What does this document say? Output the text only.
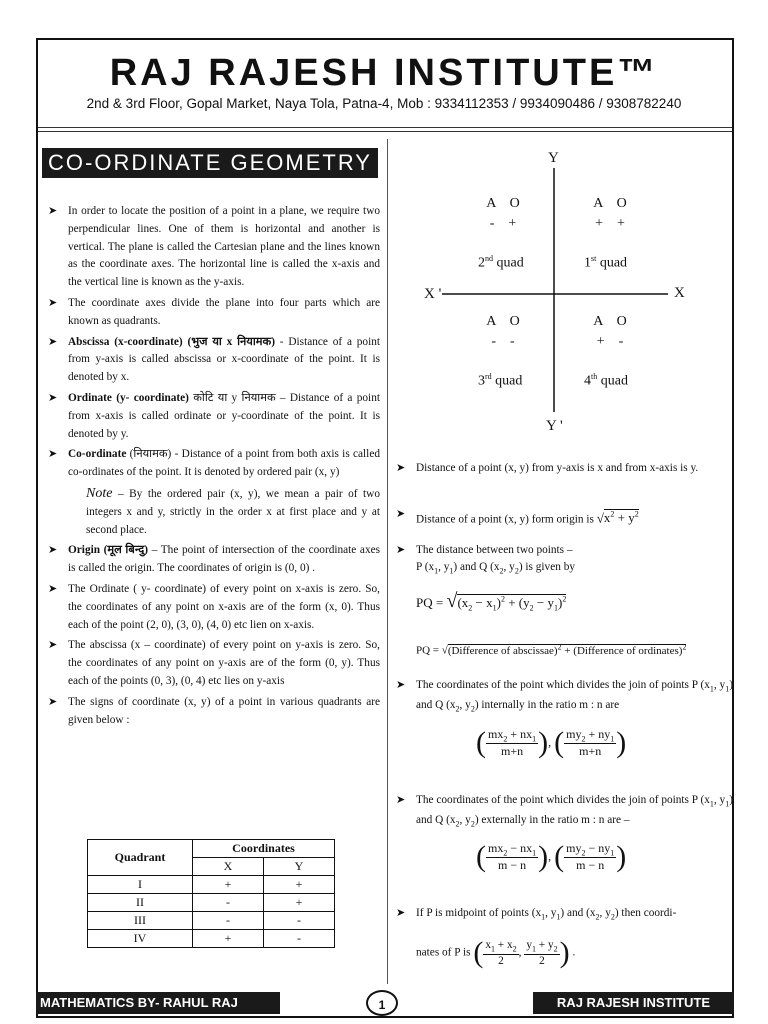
RAJ RAJESH INSTITUTE™
2nd & 3rd Floor, Gopal Market, Naya Tola, Patna-4, Mob : 9334112353 / 9934090486 / 9308782240
CO-ORDINATE GEOMETRY
➤ In order to locate the position of a point in a plane, we require two perpendicular lines. One of them is horizontal and another is vertical. The plane is called the Cartesian plane and the lines known as the coordinate axes. The horizontal line is called the x-axis and the vertical line is known as the y-axis.
➤ The coordinate axes divide the plane into four parts which are known as quadrants.
➤ Abscissa (x-coordinate) (भुज या x नियामक) - Distance of a point from y-axis is called abscissa or x-coordinate of the point. It is denoted by x.
➤ Ordinate (y- coordinate) कोटि या y नियामक – Distance of a point from x-axis is called ordinate or y-coordinate of the point. It is denoted by y.
➤ Co-ordinate (नियामक) - Distance of a point from both axis is called co-ordinates of the point. It is denoted by ordered pair (x, y)
Note – By the ordered pair (x, y), we mean a pair of two integers x and y, strictly in the order x at first place and y at second place.
➤ Origin (मूल बिन्दु) – The point of intersection of the coordinate axes is called the origin. The coordinates of origin is (0, 0) .
➤ The Ordinate ( y- coordinate) of every point on x-axis is zero. So, the coordinates of any point on x-axis are of the form (x, 0). Thus each of the point (2, 0), (3, 0), (4, 0) etc lien on x-axis.
➤ The abscissa (x – coordinate) of every point on y-axis is zero. So, the coordinates of any point on y-axis are of the form (0, y). Thus each of the points (0, 3), (0, 4) etc lies on y-axis
➤ The signs of coordinate (x, y) of a point in various quadrants are given below :
Quadrant	Coordinates	
	X	Y
I	+	+
II	-	+
III	-	-
IV	+	-
Y
Y '
X '	X
A    O
-    +
A    O
+    +
2nd quad	1st quad
A    O
-    -
A    O
+    -
3rd quad	4th quad
➤ Distance of a point (x, y) from y-axis is x and from x-axis is y.
➤ Distance of a point (x, y) form origin is $√x^2 + y^2$
➤ The distance between two points –
P ($x_1$, $y_1$) and Q ($x_2$, $y_2$) is given by
PQ = $√(x_2 - x_1)^2 + (y_2 - y_1)^2$
PQ = √(Difference of abscissae)$^2$ + (Difference of ordinates)$^2$
➤ The coordinates of the point which divides the join of points P ($x_1$, $y_1$) and Q ($x_2$, $y_2$) internally in the ratio m : n are
( $\frac{mx_2 + nx_1}{m+n}$ ), ( $\frac{my_2 + ny_1}{m+n}$ )
➤ The coordinates of the point which divides the join of points P ($x_1$, $y_1$) and Q ($x_2$, $y_2$) externally in the ratio m : n are –
( $\frac{mx_2 - nx_1}{m - n}$ ), ( $\frac{my_2 - ny_1}{m - n}$ )
➤ If P is midpoint of points ($x_1$, $y_1$) and ($x_2$, $y_2$) then coordi-
nates of P is ( $\frac{x_1 + x_2}{2}$ , $\frac{y_1 + y_2}{2}$ ) .
MATHEMATICS BY- RAHUL RAJ	1	RAJ RAJESH INSTITUTE
